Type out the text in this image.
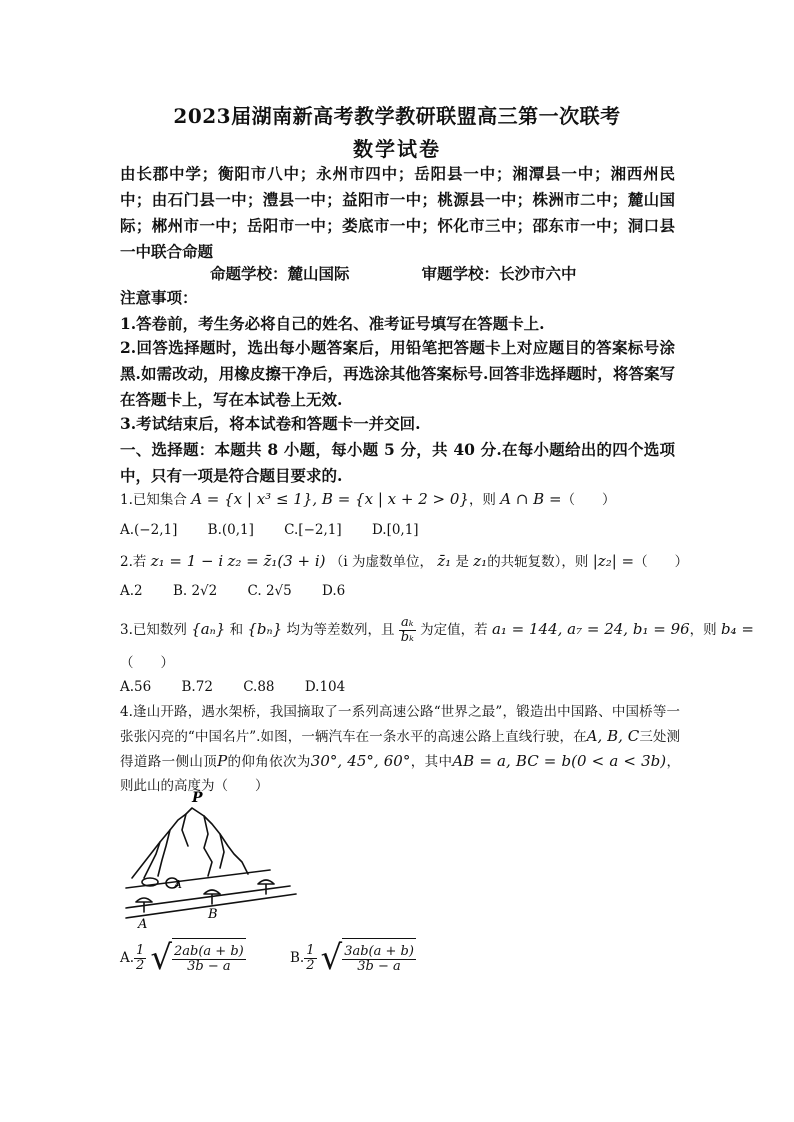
2023届湖南新高考教学教研联盟高三第一次联考
数学试卷
由长郡中学；衡阳市八中；永州市四中；岳阳县一中；湘潭县一中；湘西州民中；由石门县一中；澧县一中；益阳市一中；桃源县一中；株洲市二中；麓山国际；郴州市一中；岳阳市一中；娄底市一中；怀化市三中；邵东市一中；洞口县一中联合命题
命题学校：麓山国际	审题学校：长沙市六中
注意事项：
1.答卷前，考生务必将自己的姓名、准考证号填写在答题卡上.
2.回答选择题时，选出每小题答案后，用铅笔把答题卡上对应题目的答案标号涂黑.如需改动，用橡皮擦干净后，再选涂其他答案标号.回答非选择题时，将答案写在答题卡上，写在本试卷上无效.
3.考试结束后，将本试卷和答题卡一并交回.
一、选择题：本题共 8 小题，每小题 5 分，共 40 分.在每小题给出的四个选项中，只有一项是符合题目要求的.
1.已知集合 A = {x | x³ ≤ 1}, B = {x | x + 2 > 0}，则 A ∩ B =（　　）
A.(−2,1] B.(0,1] C.[−2,1] D.[0,1]
2.若 z₁ = 1 − i z₂ = z̄₁(3 + i) （i 为虚数单位， z̄₁ 是 z₁的共轭复数），则 |z₂| =（　　）
A.2 B. 2√2 C. 2√5 D.6
3.已知数列 {aₙ} 和 {bₙ} 均为等差数列，且 $\frac{\text{aₖ}}{\text{bₖ}}$ 为定值，若 a₁ = 144, a₇ = 24, b₁ = 96，则 b₄ =
（　　）
A.56 B.72 C.88 D.104
4.逢山开路，遇水架桥，我国摘取了一系列高速公路“世界之最”，锻造出中国路、中国桥等一张张闪亮的“中国名片”.如图，一辆汽车在一条水平的高速公路上直线行驶，在A, B, C三处测得道路一侧山顶P的仰角依次为30°, 45°, 60°，其中AB = a, BC = b(0 < a < 3b)，则此山的高度为（　　）
P
A
A
B
A. $\frac{1}{2}$ √ $\frac{2ab(a + b)}{3b - a}$
	B. $\frac{1}{2}$ √ $\frac{3ab(a + b)}{3b - a}$
